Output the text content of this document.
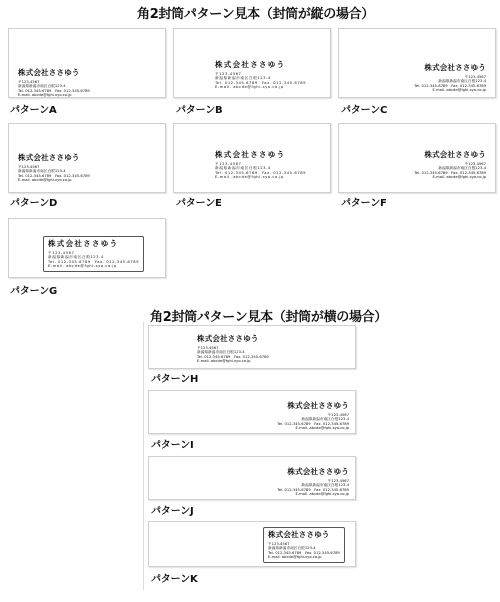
角2封筒パターン見本（封筒が縦の場合）
株式会社ささゆう
〒123-4567
新潟県新潟市南区白根123-4
Tel. 012-345-6789　Fax. 012-345-6789
E-mail. abcde@fghi.xyo.co.jp
パターンA
株式会社ささゆう
〒123-4567
新潟県新潟市南区白根123-4
Tel. 012-345-6789　Fax. 012-345-6789
E-mail. abcde@fghi.xyo.co.jp
パターンB
株式会社ささゆう
〒123-4567
新潟県新潟市南区白根123-4
Tel. 012-345-6789　Fax. 012-345-6789
E-mail. abcde@fghi.xyo.co.jp
パターンC
株式会社ささゆう
〒123-4567
新潟県新潟市南区白根123-4
Tel. 012-345-6789　Fax. 012-345-6789
E-mail. abcde@fghi.xyo.co.jp
パターンD
株式会社ささゆう
〒123-4567
新潟県新潟市南区白根123-4
Tel. 012-345-6789　Fax. 012-345-6789
E-mail. abcde@fghi.xyo.co.jp
パターンE
株式会社ささゆう
〒123-4567
新潟県新潟市南区白根123-4
Tel. 012-345-6789　Fax. 012-345-6789
E-mail. abcde@fghi.xyo.co.jp
パターンF
株式会社ささゆう
〒123-4567
新潟県新潟市南区白根123-4
Tel. 012-345-6789　Fax. 012-345-6789
E-mail. abcde@fghi.xyo.co.jp
パターンG
角2封筒パターン見本（封筒が横の場合）
株式会社ささゆう
〒123-4567
新潟県新潟市南区白根123-4
Tel. 012-345-6789　Fax. 012-345-6789
E-mail. abcde@fghi.xyo.co.jp
パターンH
株式会社ささゆう
〒123-4567
新潟県新潟市南区白根123-4
Tel. 012-345-6789　Fax. 012-345-6789
E-mail. abcde@fghi.xyo.co.jp
パターンI
株式会社ささゆう
〒123-4567
新潟県新潟市南区白根123-4
Tel. 012-345-6789　Fax. 012-345-6789
E-mail. abcde@fghi.xyo.co.jp
パターンJ
株式会社ささゆう
〒123-4567
新潟県新潟市南区白根123-4
Tel. 012-345-6789　Fax. 012-345-6789
E-mail. abcde@fghi.xyo.co.jp
パターンK
